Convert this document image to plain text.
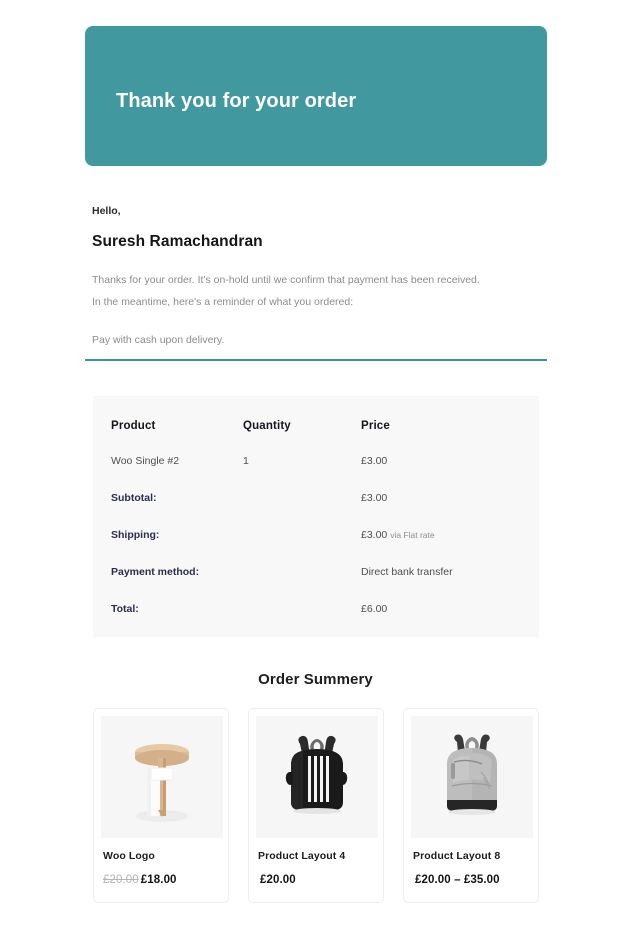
Thank you for your order

Hello,

Suresh Ramachandran

Thanks for your order. It's on-hold until we confirm that payment has been received.

In the meantime, here's a reminder of what you ordered:

Pay with cash upon delivery.

Product	Quantity	Price
Woo Single #2	1	£3.00
Subtotal:		£3.00
Shipping:		£3.00 via Flat rate
Payment method:		Direct bank transfer
Total:		£6.00
Order Summery

Woo Logo

£20.00 £18.00

Product Layout 4

£20.00

Product Layout 8

£20.00 – £35.00
